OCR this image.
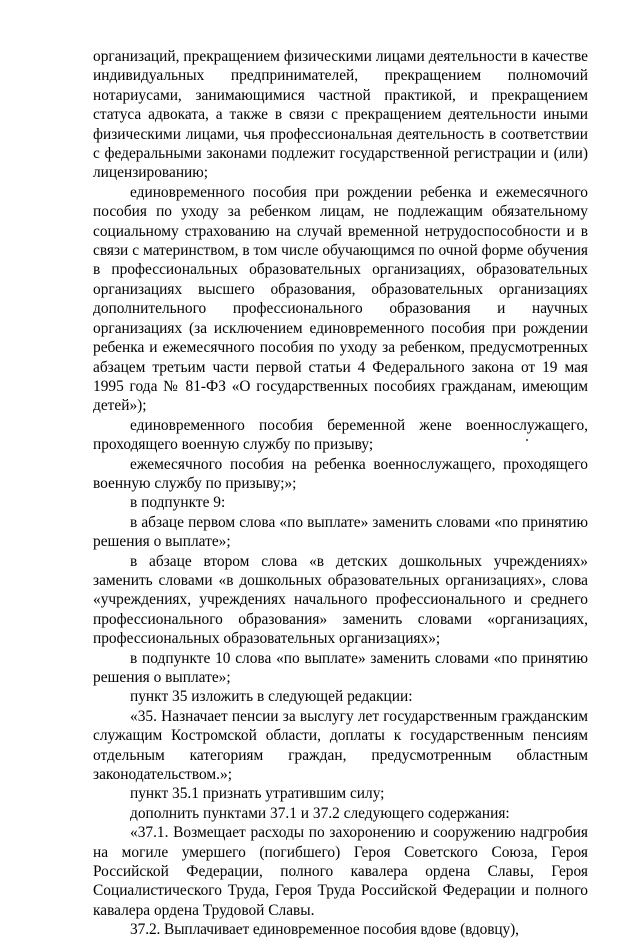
организаций, прекращением физическими лицами деятельности в качестве индивидуальных предпринимателей, прекращением полномочий нотариусами, занимающимися частной практикой, и прекращением статуса адвоката, а также в связи с прекращением деятельности иными физическими лицами, чья профессиональная деятельность в соответствии с федеральными законами подлежит государственной регистрации и (или) лицензированию;

единовременного пособия при рождении ребенка и ежемесячного пособия по уходу за ребенком лицам, не подлежащим обязательному социальному страхованию на случай временной нетрудоспособности и в связи с материнством, в том числе обучающимся по очной форме обучения в профессиональных образовательных организациях, образовательных организациях высшего образования, образовательных организациях дополнительного профессионального образования и научных организациях (за исключением единовременного пособия при рождении ребенка и ежемесячного пособия по уходу за ребенком, предусмотренных абзацем третьим части первой статьи 4 Федерального закона от 19 мая 1995 года № 81-ФЗ «О государственных пособиях гражданам, имеющим детей»);

единовременного пособия беременной жене военнослужащего, проходящего военную службу по призыву;

ежемесячного пособия на ребенка военнослужащего, проходящего военную службу по призыву;»;

в подпункте 9:

в абзаце первом слова «по выплате» заменить словами «по принятию решения о выплате»;

в абзаце втором слова «в детских дошкольных учреждениях» заменить словами «в дошкольных образовательных организациях», слова «учреждениях, учреждениях начального профессионального и среднего профессионального образования» заменить словами «организациях, профессиональных образовательных организациях»;

в подпункте 10 слова «по выплате» заменить словами «по принятию решения о выплате»;

пункт 35 изложить в следующей редакции:

«35. Назначает пенсии за выслугу лет государственным гражданским служащим Костромской области, доплаты к государственным пенсиям отдельным категориям граждан, предусмотренным областным законодательством.»;

пункт 35.1 признать утратившим силу;

дополнить пунктами 37.1 и 37.2 следующего содержания:

«37.1. Возмещает расходы по захоронению и сооружению надгробия на могиле умершего (погибшего) Героя Советского Союза, Героя Российской Федерации, полного кавалера ордена Славы, Героя Социалистического Труда, Героя Труда Российской Федерации и полного кавалера ордена Трудовой Славы.

37.2. Выплачивает единовременное пособия вдове (вдовцу),
